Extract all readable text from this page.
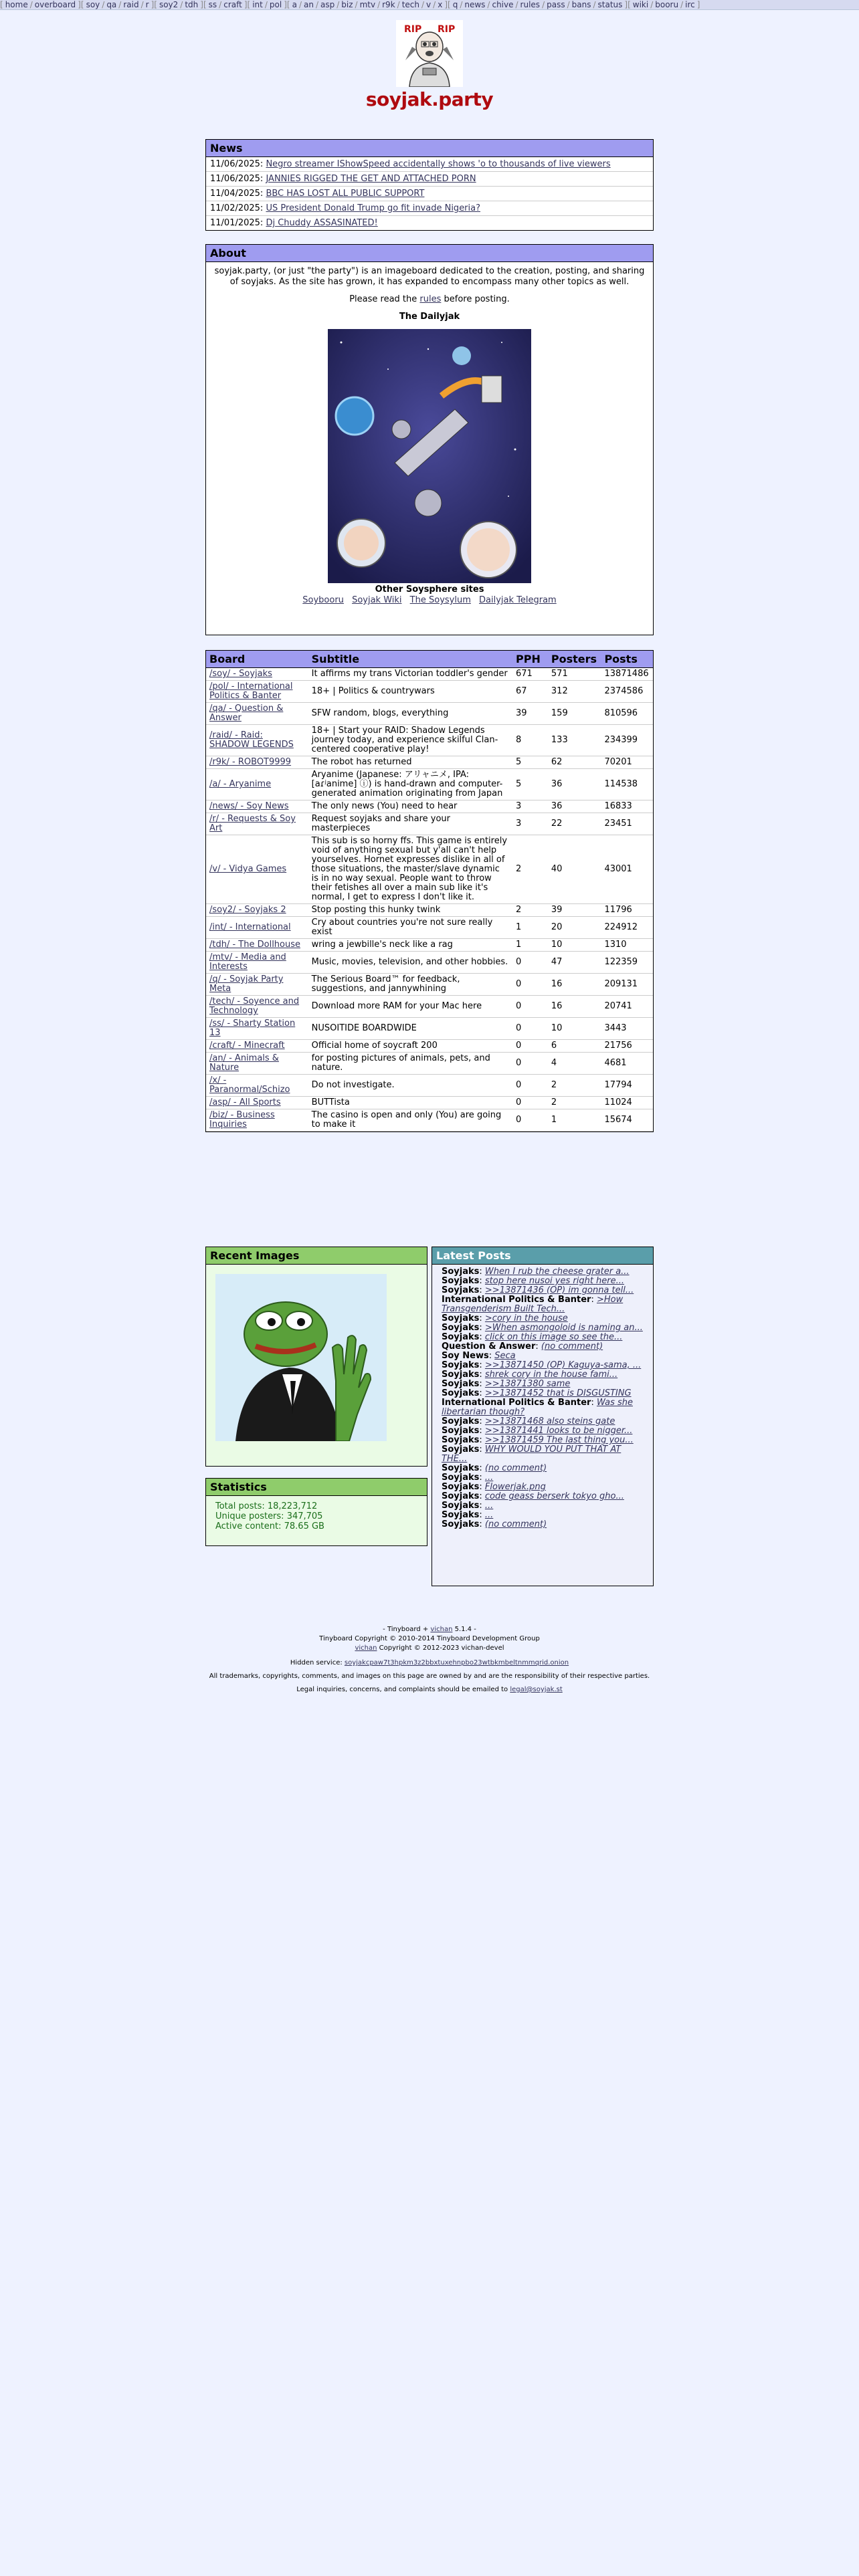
[ home / overboard ][ soy / qa / raid / r ][ soy2 / tdh ][ ss / craft ][ int / pol ][ a / an / asp / biz / mtv / r9k / tech / v / x ][ q / news / chive / rules / pass / bans / status ][ wiki / booru / irc ]
RIP RIP
soyjak.party
News
11/06/2025: Negro streamer IShowSpeed accidentally shows 'o to thousands of live viewers
11/06/2025: JANNIES RIGGED THE GET AND ATTACHED PORN
11/04/2025: BBC HAS LOST ALL PUBLIC SUPPORT
11/02/2025: US President Donald Trump go fit invade Nigeria?
11/01/2025: Dj Chuddy ASSASINATED!
About

soyjak.party, (or just "the party") is an imageboard dedicated to the creation, posting, and sharing of soyjaks. As the site has grown, it has expanded to encompass many other topics as well.

Please read the rules before posting.

The Dailyjak
Other Soysphere sites
Soybooru Soyjak Wiki The Soysylum Dailyjak Telegram
Board	Subtitle	PPH	Posters	Posts
/soy/ - Soyjaks	It affirms my trans Victorian toddler's gender	671	571	13871486
/pol/ - International Politics & Banter	18+ | Politics & countrywars	67	312	2374586
/qa/ - Question & Answer	SFW random, blogs, everything	39	159	810596
/raid/ - Raid: SHADOW LEGENDS	18+ | Start your RAID: Shadow Legends journey today, and experience skilful Clan-centered cooperative play!	8	133	234399
/r9k/ - ROBOT9999	The robot has returned	5	62	70201
/a/ - Aryanime	Aryanime (Japanese: アリャニメ, IPA: [aɾʲanime] ⓘ) is hand-drawn and computer-generated animation originating from Japan	5	36	114538
/news/ - Soy News	The only news (You) need to hear	3	36	16833
/r/ - Requests & Soy Art	Request soyjaks and share your masterpieces	3	22	23451
/v/ - Vidya Games	This sub is so horny ffs. This game is entirely void of anything sexual but y'all can't help yourselves. Hornet expresses dislike in all of those situations, the master/slave dynamic is in no way sexual. People want to throw their fetishes all over a main sub like it's normal, I get to express I don't like it.	2	40	43001
/soy2/ - Soyjaks 2	Stop posting this hunky twink	2	39	11796
/int/ - International	Cry about countries you're not sure really exist	1	20	224912
/tdh/ - The Dollhouse	wring a jewbille's neck like a rag	1	10	1310
/mtv/ - Media and Interests	Music, movies, television, and other hobbies.	0	47	122359
/q/ - Soyjak Party Meta	The Serious Board™ for feedback, suggestions, and jannywhining	0	16	209131
/tech/ - Soyence and Technology	Download more RAM for your Mac here	0	16	20741
/ss/ - Sharty Station 13	NUSOITIDE BOARDWIDE	0	10	3443
/craft/ - Minecraft	Official home of soycraft 200	0	6	21756
/an/ - Animals & Nature	for posting pictures of animals, pets, and nature.	0	4	4681
/x/ - Paranormal/Schizo	Do not investigate.	0	2	17794
/asp/ - All Sports	BUTTista	0	2	11024
/biz/ - Business Inquiries	The casino is open and only (You) are going to make it	0	1	15674
Recent Images
Statistics
Total posts: 18,223,712
Unique posters: 347,705
Active content: 78.65 GB
Latest Posts
Soyjaks: When I rub the cheese grater a...
Soyjaks: stop here nusoi yes right here...
Soyjaks: >>13871436 (OP) im gonna tell...
International Politics & Banter: >How Transgenderism Built Tech...
Soyjaks: >cory in the house
Soyjaks: >When asmongoloid is naming an...
Soyjaks: click on this image so see the...
Question & Answer: (no comment)
Soy News: Seca
Soyjaks: >>13871450 (OP) Kaguya-sama, ...
Soyjaks: shrek cory in the house fami...
Soyjaks: >>13871380 same
Soyjaks: >>13871452 that is DISGUSTING
International Politics & Banter: Was she libertarian though?
Soyjaks: >>13871468 also steins gate
Soyjaks: >>13871441 looks to be nigger...
Soyjaks: >>13871459 The last thing you...
Soyjaks: WHY WOULD YOU PUT THAT AT THE...
Soyjaks: (no comment)
Soyjaks: ...
Soyjaks: Flowerjak.png
Soyjaks: code geass berserk tokyo gho...
Soyjaks: ...
Soyjaks: ...
Soyjaks: (no comment)
- Tinyboard + vichan 5.1.4 -
Tinyboard Copyright © 2010-2014 Tinyboard Development Group
vichan Copyright © 2012-2023 vichan-devel
Hidden service: soyjakcpaw7t3hpkm3z2bbxtuxehnpbo23wtbkmbeltnmmqrid.onion
All trademarks, copyrights, comments, and images on this page are owned by and are the responsibility of their respective parties.
Legal inquiries, concerns, and complaints should be emailed to legal@soyjak.st
